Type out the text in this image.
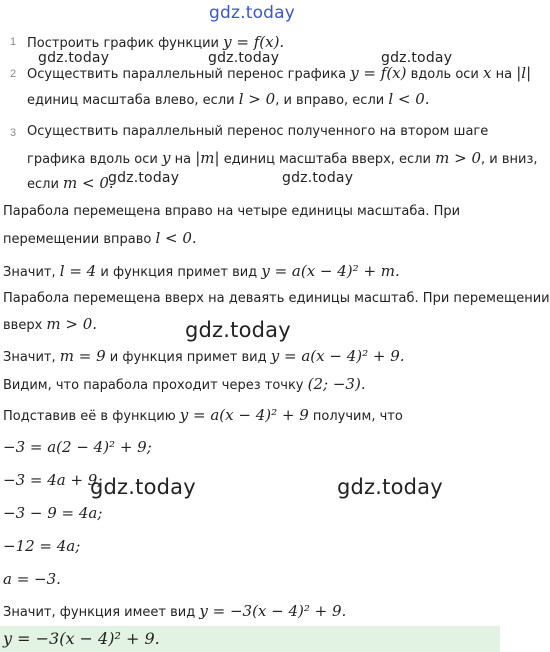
gdz.today
1 Построить график функции y = f(x).
gdz.today	gdz.today	gdz.today
2 Осуществить параллельный перенос графика y = f(x) вдоль оси x на |l|
единиц масштаба влево, если l > 0, и вправо, если l < 0.
3 Осуществить параллельный перенос полученного на втором шаге
графика вдоль оси y на |m| единиц масштаба вверх, если m > 0, и вниз,
если m < 0.
gdz.today	gdz.today
Парабола перемещена вправо на четыре единицы масштаба. При
перемещении вправо l < 0.
Значит, l = 4 и функция примет вид y = a(x − 4)² + m.
Парабола перемещена вверх на деваять единицы масштаб. При перемещении
вверх m > 0.	gdz.today
Значит, m = 9 и функция примет вид y = a(x − 4)² + 9.
Видим, что парабола проходит через точку (2; −3).
Подставив её в функцию y = a(x − 4)² + 9 получим, что
−3 = a(2 − 4)² + 9;
−3 = 4a + 9;
gdz.today	gdz.today
−3 − 9 = 4a;
−12 = 4a;
a = −3.
Значит, функция имеет вид y = −3(x − 4)² + 9.
y = −3(x − 4)² + 9.
